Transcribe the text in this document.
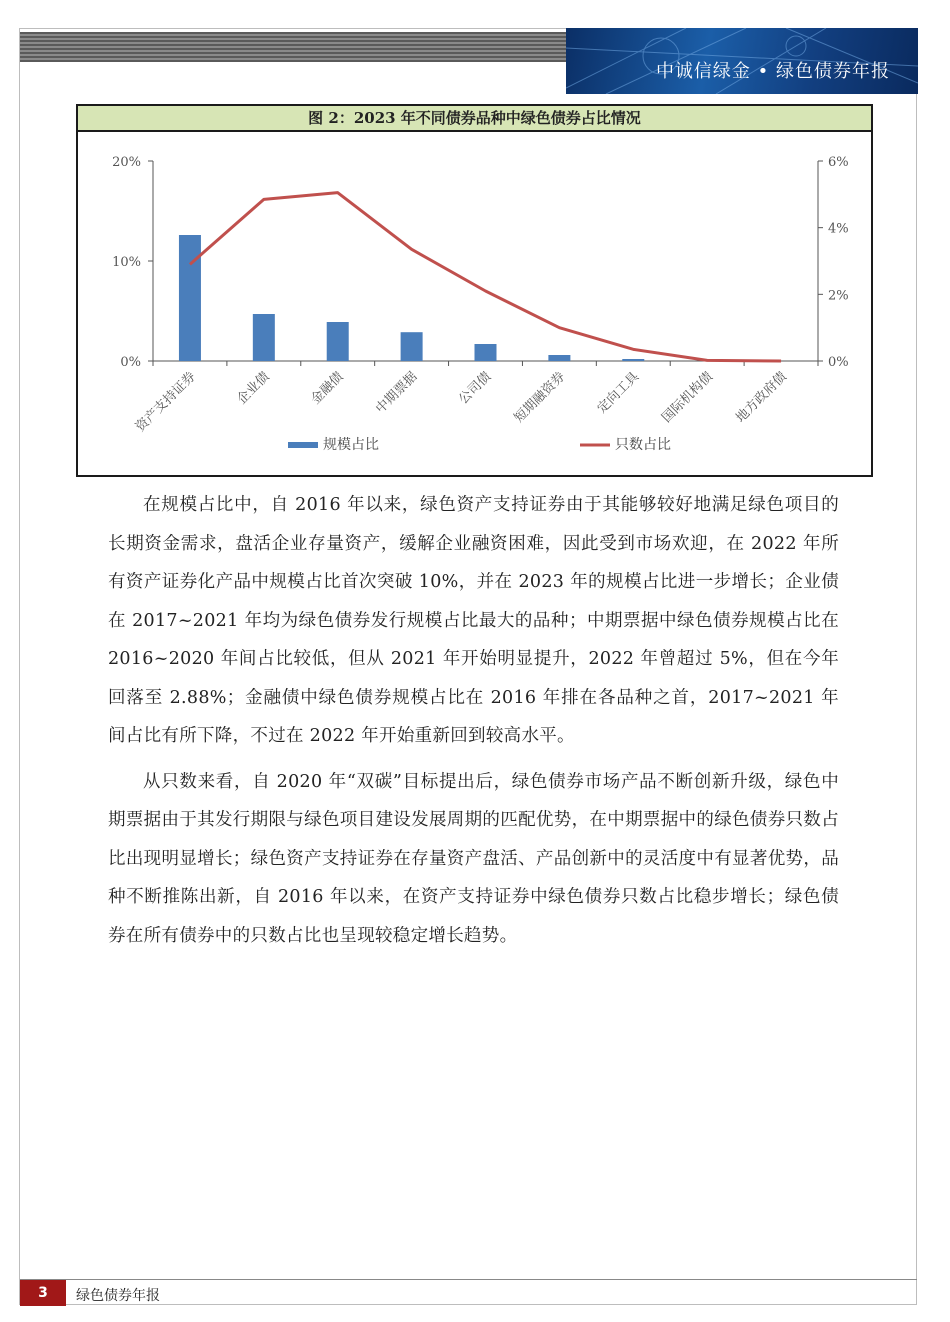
中诚信绿金 • 绿色债券年报
图 2：2023 年不同债券品种中绿色债券占比情况
0%
10%
20%
0%
2%
4%
6%
资产支持证券	企业债	金融债 中期票据	公司债 短期融资券 定向工具 国际机构债 地方政府债
规模占比	只数占比

在规模占比中，自 2016 年以来，绿色资产支持证券由于其能够较好地满足绿色项目的长期资金需求，盘活企业存量资产，缓解企业融资困难，因此受到市场欢迎，在 2022 年所有资产证券化产品中规模占比首次突破 10%，并在 2023 年的规模占比进一步增长；企业债在 2017~2021 年均为绿色债券发行规模占比最大的品种；中期票据中绿色债券规模占比在 2016~2020 年间占比较低，但从 2021 年开始明显提升，2022 年曾超过 5%，但在今年回落至 2.88%；金融债中绿色债券规模占比在 2016 年排在各品种之首，2017~2021 年间占比有所下降，不过在 2022 年开始重新回到较高水平。

从只数来看，自 2020 年“双碳”目标提出后，绿色债券市场产品不断创新升级，绿色中期票据由于其发行期限与绿色项目建设发展周期的匹配优势，在中期票据中的绿色债券只数占比出现明显增长；绿色资产支持证券在存量资产盘活、产品创新中的灵活度中有显著优势，品种不断推陈出新，自 2016 年以来，在资产支持证券中绿色债券只数占比稳步增长；绿色债券在所有债券中的只数占比也呈现较稳定增长趋势。

3	绿色债券年报
